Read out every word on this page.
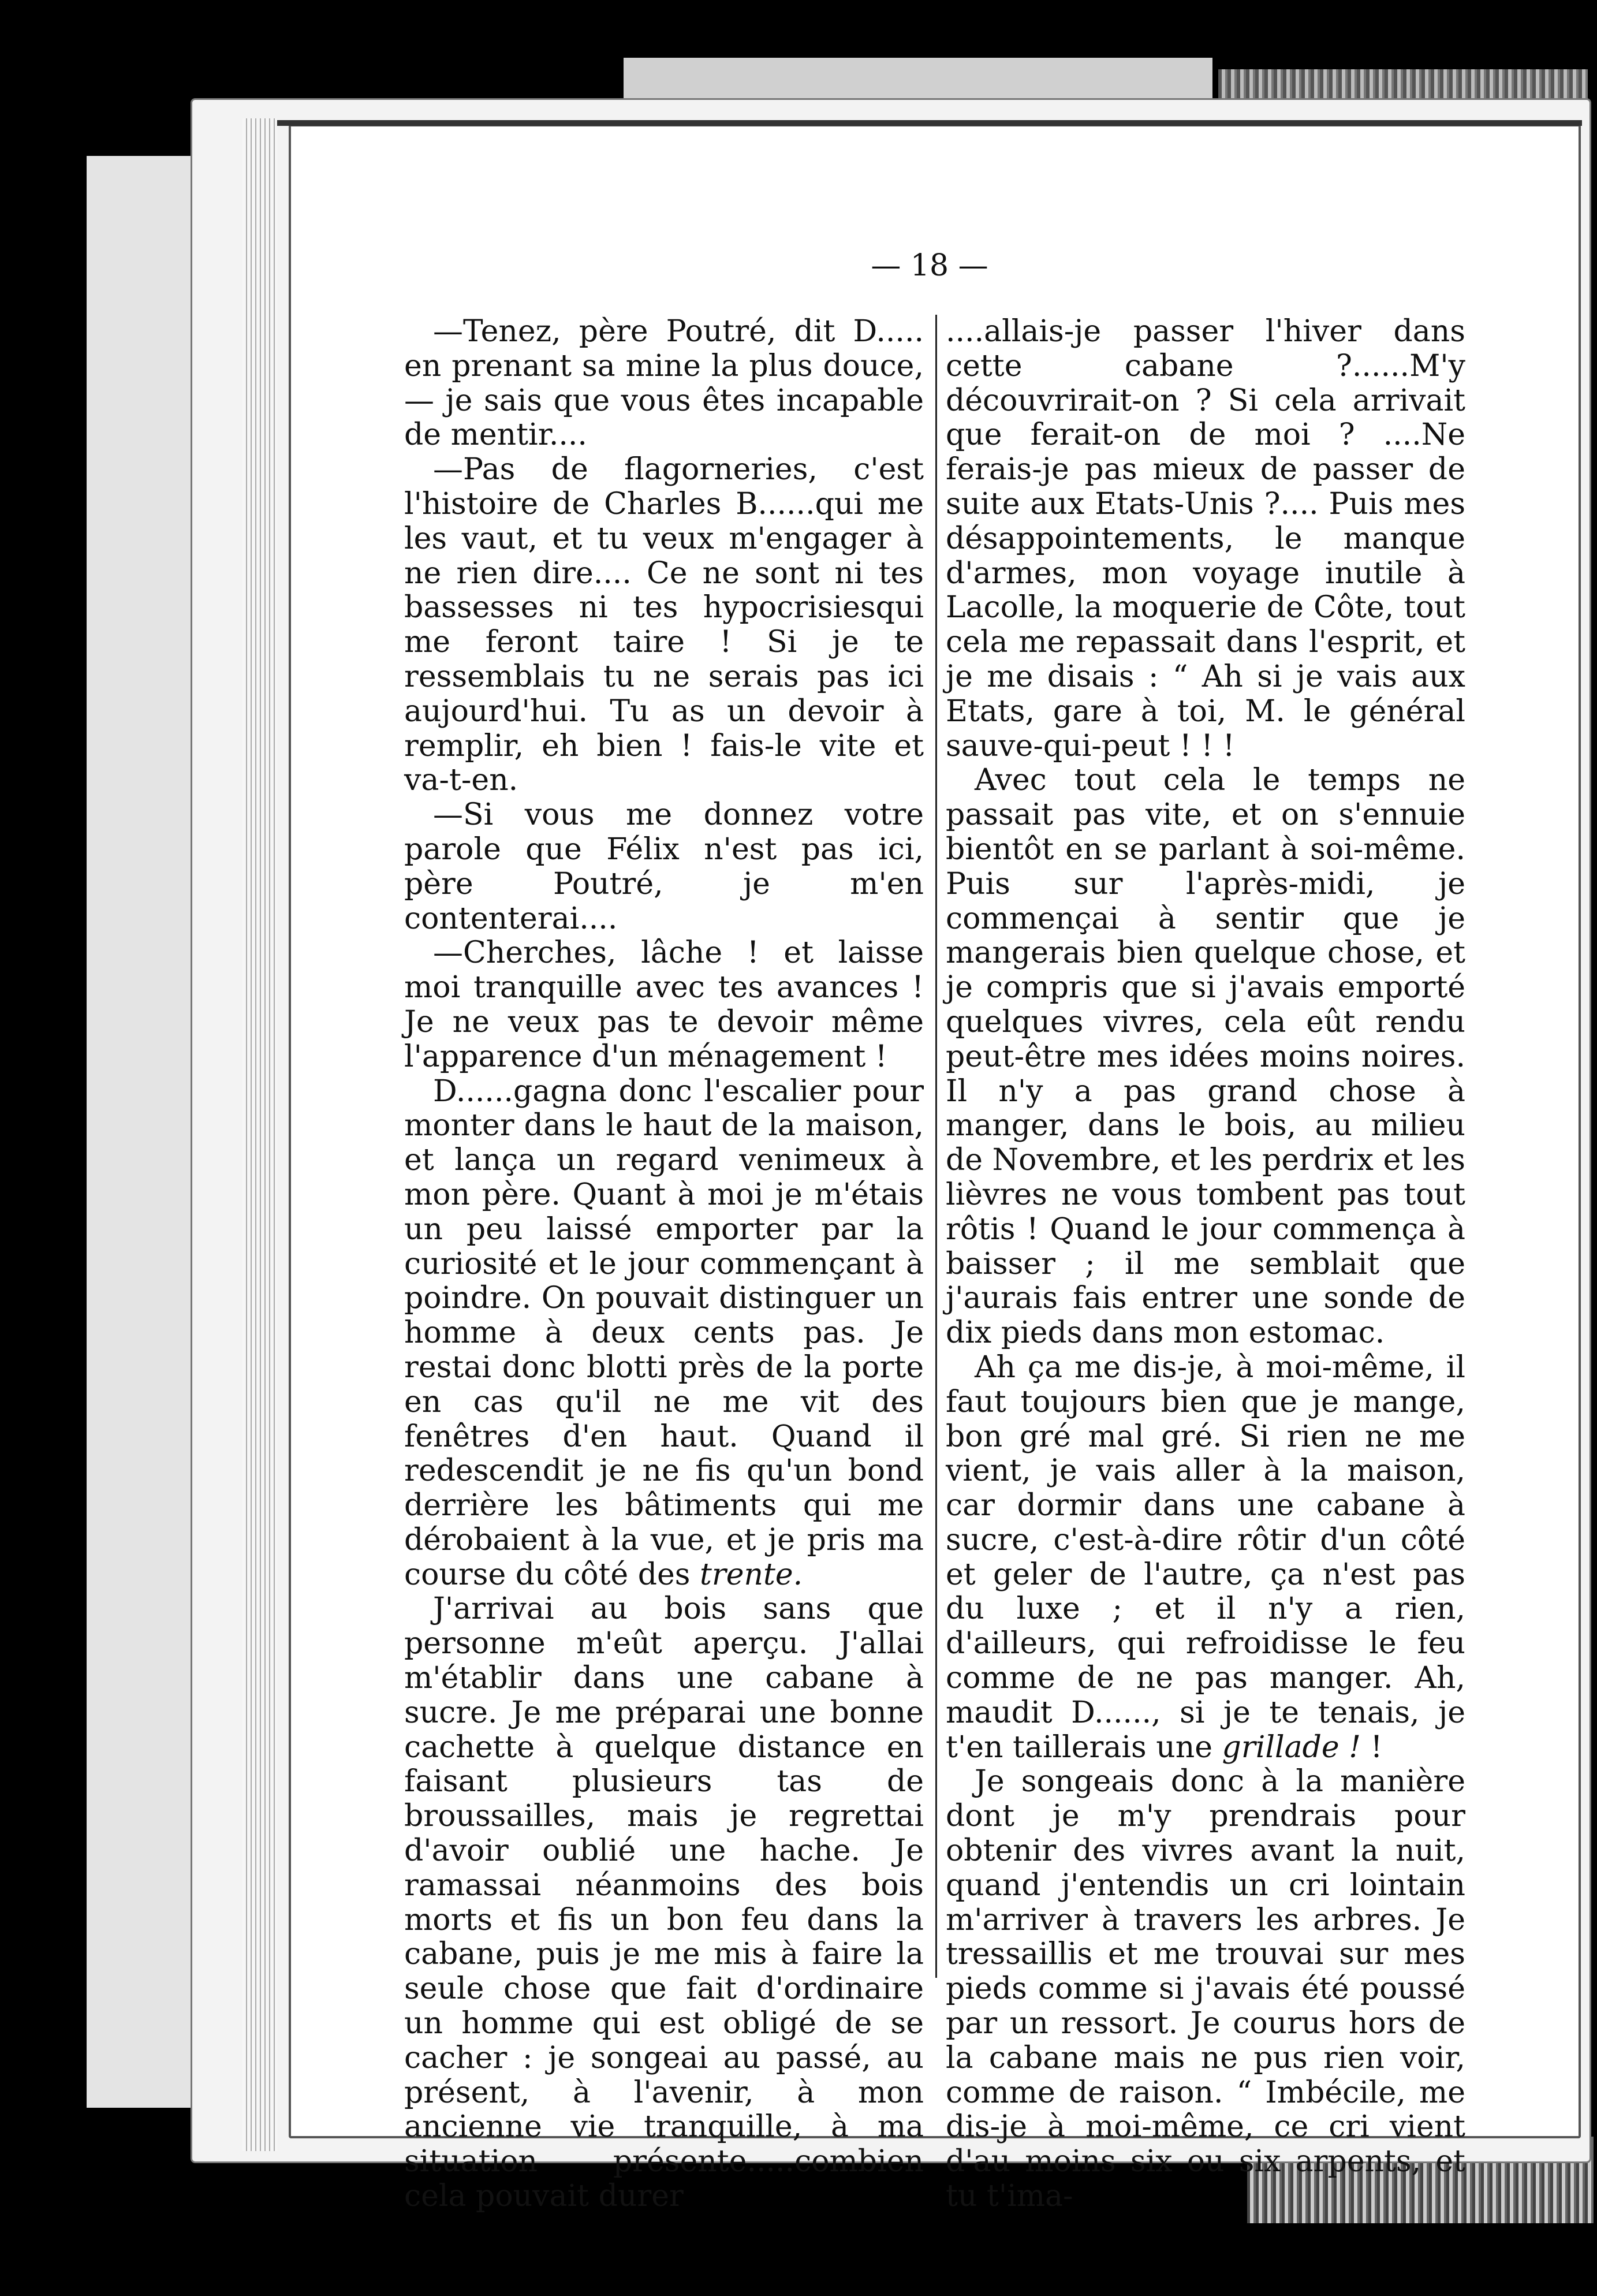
— 18 —

—Tenez, père Poutré, dit D..... en prenant sa mine la plus douce,— je sais que vous êtes incapable de mentir....

—Pas de flagorneries, c'est l'histoire de Charles B......qui me les vaut, et tu veux m'engager à ne rien dire.... Ce ne sont ni tes bassesses ni tes hypocrisiesqui me feront taire ! Si je te ressemblais tu ne serais pas ici aujourd'hui. Tu as un devoir à remplir, eh bien ! fais-le vite et va-t-en.

—Si vous me donnez votre parole que Félix n'est pas ici, père Poutré, je m'en contenterai....

—Cherches, lâche ! et laisse moi tranquille avec tes avances ! Je ne veux pas te devoir même l'apparence d'un ménagement !

D......gagna donc l'escalier pour monter dans le haut de la maison, et lança un regard venimeux à mon père. Quant à moi je m'étais un peu laissé emporter par la curiosité et le jour commençant à poindre. On pouvait distinguer un homme à deux cents pas. Je restai donc blotti près de la porte en cas qu'il ne me vit des fenêtres d'en haut. Quand il redescendit je ne fis qu'un bond derrière les bâtiments qui me dérobaient à la vue, et je pris ma course du côté des trente.

J'arrivai au bois sans que personne m'eût aperçu. J'allai m'établir dans une cabane à sucre. Je me préparai une bonne cachette à quelque distance en faisant plusieurs tas de broussailles, mais je regrettai d'avoir oublié une hache. Je ramassai néanmoins des bois morts et fis un bon feu dans la cabane, puis je me mis à faire la seule chose que fait d'ordinaire un homme qui est obligé de se cacher : je songeai au passé, au présent, à l'avenir, à mon ancienne vie tranquille, à ma situation présente.....combien cela pouvait durer

....allais-je passer l'hiver dans cette cabane ?......M'y découvrirait-on ? Si cela arrivait que ferait-on de moi ? ....Ne ferais-je pas mieux de passer de suite aux Etats-Unis ?.... Puis mes désappointements, le manque d'armes, mon voyage inutile à Lacolle, la moquerie de Côte, tout cela me repassait dans l'esprit, et je me disais : “ Ah si je vais aux Etats, gare à toi, M. le général sauve-qui-peut ! ! !

Avec tout cela le temps ne passait pas vite, et on s'ennuie bientôt en se parlant à soi-même. Puis sur l'après-midi, je commençai à sentir que je mangerais bien quelque chose, et je compris que si j'avais emporté quelques vivres, cela eût rendu peut-être mes idées moins noires. Il n'y a pas grand chose à manger, dans le bois, au milieu de Novembre, et les perdrix et les lièvres ne vous tombent pas tout rôtis ! Quand le jour commença à baisser ; il me semblait que j'aurais fais entrer une sonde de dix pieds dans mon estomac.

Ah ça me dis-je, à moi-même, il faut toujours bien que je mange, bon gré mal gré. Si rien ne me vient, je vais aller à la maison, car dormir dans une cabane à sucre, c'est-à-dire rôtir d'un côté et geler de l'autre, ça n'est pas du luxe ; et il n'y a rien, d'ailleurs, qui refroidisse le feu comme de ne pas manger. Ah, maudit D......, si je te tenais, je t'en taillerais une grillade ! !

Je songeais donc à la manière dont je m'y prendrais pour obtenir des vivres avant la nuit, quand j'entendis un cri lointain m'arriver à travers les arbres. Je tressaillis et me trouvai sur mes pieds comme si j'avais été poussé par un ressort. Je courus hors de la cabane mais ne pus rien voir, comme de raison. “ Imbécile, me dis-je à moi-même, ce cri vient d'au moins six ou six arpents, et tu t'ima-
